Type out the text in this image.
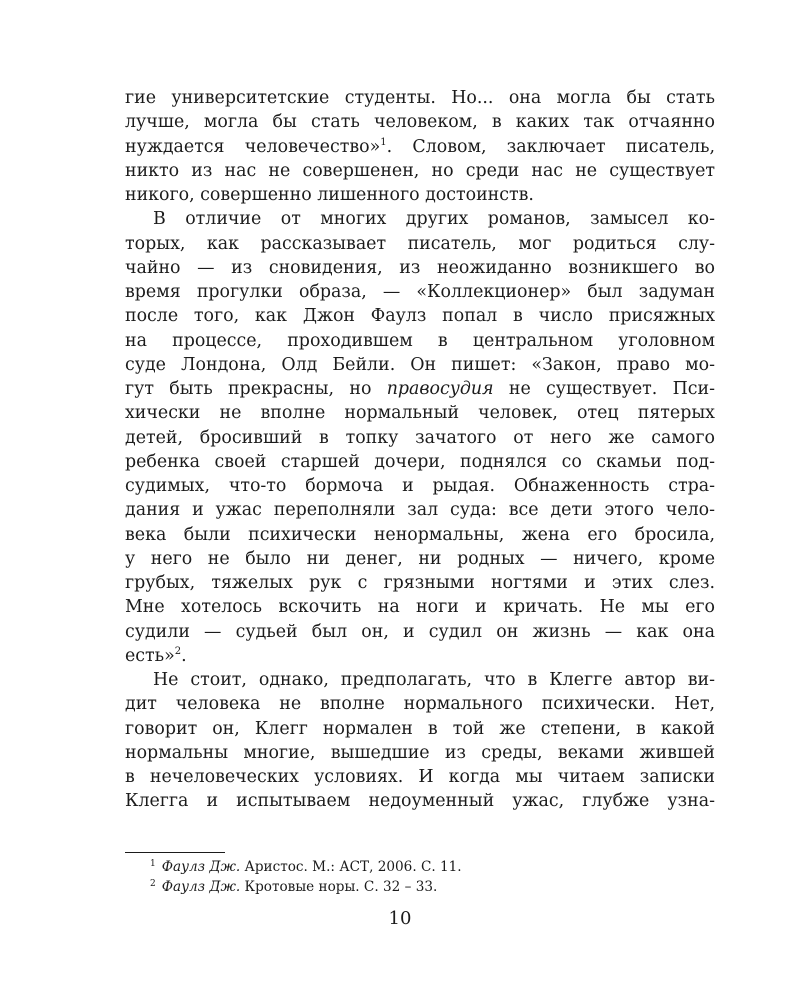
гие университетские студенты. Но... она могла бы стать
лучше, могла бы стать человеком, в каких так отчаянно
нуждается человечество»$^1$. Словом, заключает писатель,
никто из нас не совершенен, но среди нас не существует
никого, совершенно лишенного достоинств.
В отличие от многих других романов, замысел ко-
торых, как рассказывает писатель, мог родиться слу-
чайно — из сновидения, из неожиданно возникшего во
время прогулки образа, — «Коллекционер» был задуман
после того, как Джон Фаулз попал в число присяжных
на процессе, проходившем в центральном уголовном
суде Лондона, Олд Бейли. Он пишет: «Закон, право мо-
гут быть прекрасны, но правосудия не существует. Пси-
хически не вполне нормальный человек, отец пятерых
детей, бросивший в топку зачатого от него же самого
ребенка своей старшей дочери, поднялся со скамьи под-
судимых, что-то бормоча и рыдая. Обнаженность стра-
дания и ужас переполняли зал суда: все дети этого чело-
века были психически ненормальны, жена его бросила,
у него не было ни денег, ни родных — ничего, кроме
грубых, тяжелых рук с грязными ногтями и этих слез.
Мне хотелось вскочить на ноги и кричать. Не мы его
судили — судьей был он, и судил он жизнь — как она
есть»$^2$.
Не стоит, однако, предполагать, что в Клегге автор ви-
дит человека не вполне нормального психически. Нет,
говорит он, Клегг нормален в той же степени, в какой
нормальны многие, вышедшие из среды, веками жившей
в нечеловеческих условиях. И когда мы читаем записки
Клегга и испытываем недоуменный ужас, глубже узна-
$^1$ Фаулз Дж. Аристос. М.: АСТ, 2006. С. 11.
$^2$ Фаулз Дж. Кротовые норы. С. 32 – 33.
10
